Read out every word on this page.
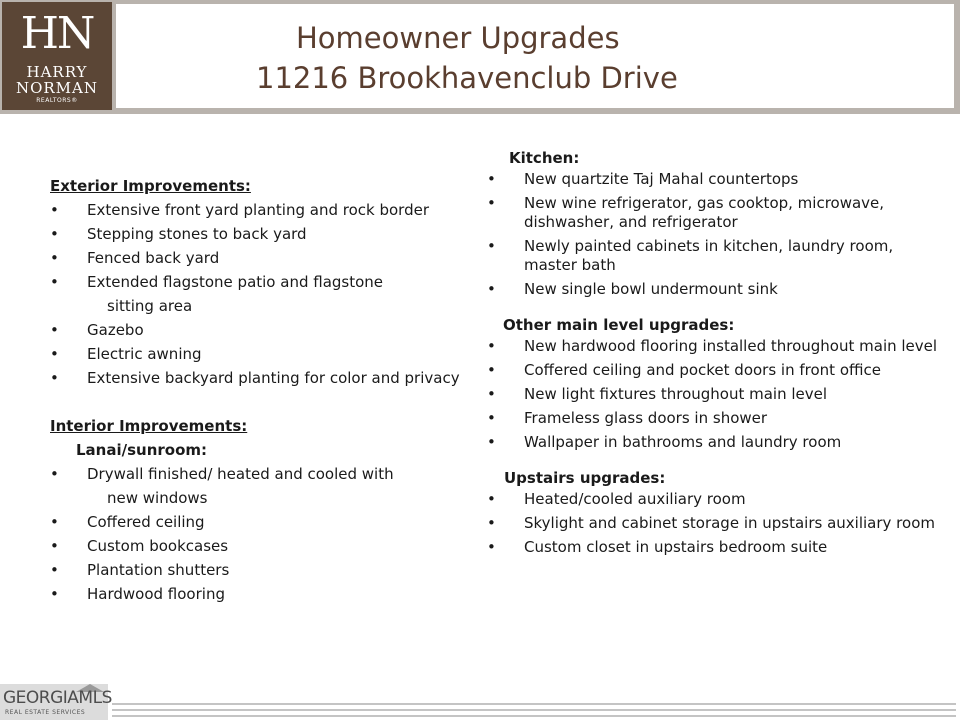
HN
HARRY
NORMAN
REALTORS®
Homeowner Upgrades
11216 Brookhavenclub Drive
Exterior Improvements:
• Extensive front yard planting and rock border
• Stepping stones to back yard
• Fenced back yard
• Extended flagstone patio and flagstone
sitting area
• Gazebo
• Electric awning
• Extensive backyard planting for color and privacy
Interior Improvements:
Lanai/sunroom:
• Drywall finished/ heated and cooled with
new windows
• Coffered ceiling
• Custom bookcases
• Plantation shutters
• Hardwood flooring
Kitchen:
• New quartzite Taj Mahal countertops
• New wine refrigerator, gas cooktop, microwave, dishwasher, and refrigerator
• Newly painted cabinets in kitchen, laundry room, master bath
• New single bowl undermount sink
Other main level upgrades:
• New hardwood flooring installed throughout main level
• Coffered ceiling and pocket doors in front office
• New light fixtures throughout main level
• Frameless glass doors in shower
• Wallpaper in bathrooms and laundry room
Upstairs upgrades:
• Heated/cooled auxiliary room
• Skylight and cabinet storage in upstairs auxiliary room
• Custom closet in upstairs bedroom suite
GEORGIAMLS
REAL ESTATE SERVICES
